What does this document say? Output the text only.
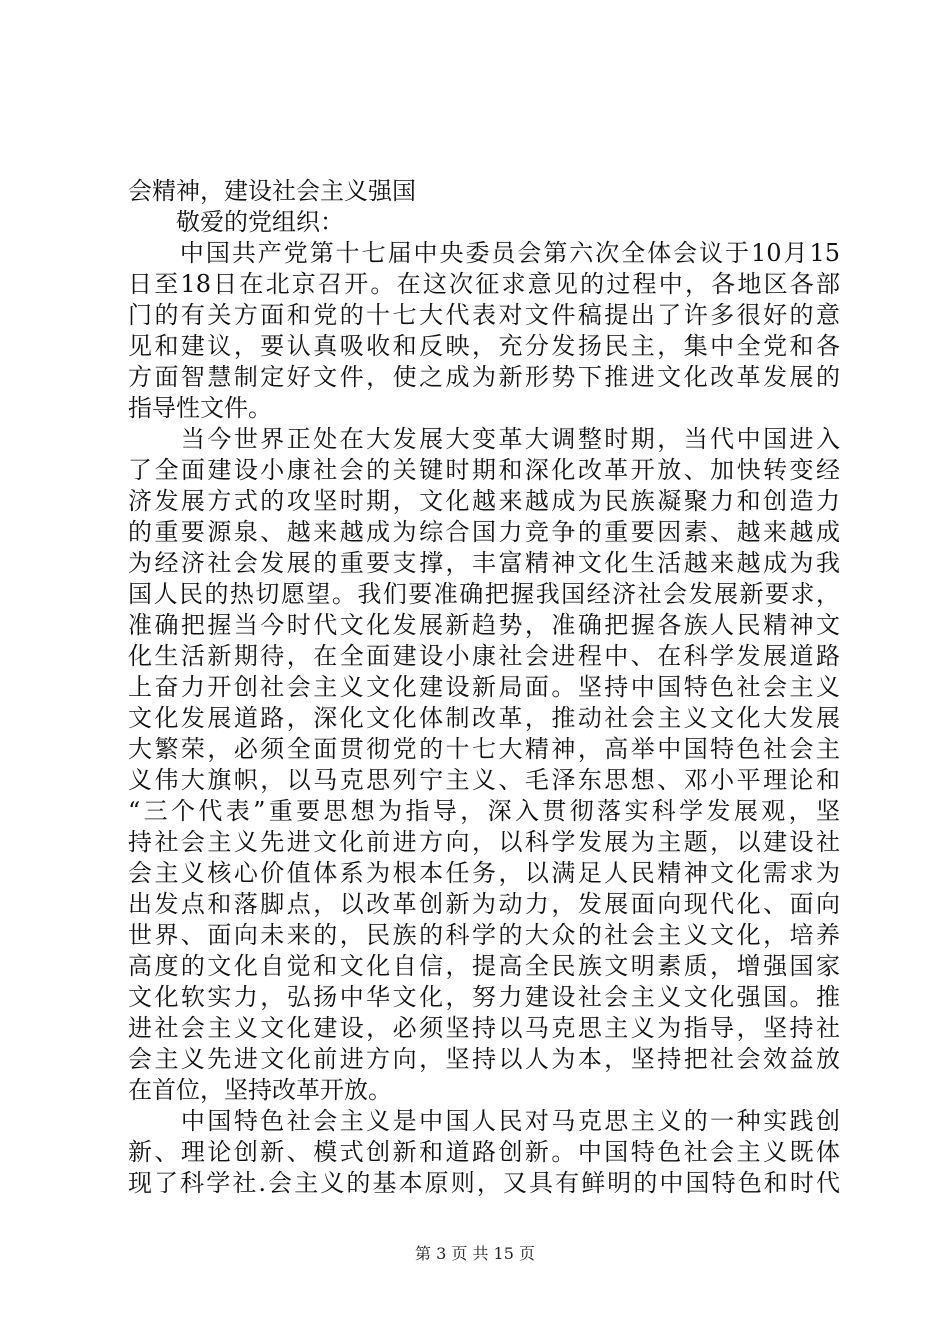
会精神，建设社会主义强国
　　敬爱的党组织：
　　中国共产党第十七届中央委员会第六次全体会议于10月15
日至18日在北京召开。在这次征求意见的过程中，各地区各部
门的有关方面和党的十七大代表对文件稿提出了许多很好的意
见和建议，要认真吸收和反映，充分发扬民主，集中全党和各
方面智慧制定好文件，使之成为新形势下推进文化改革发展的
指导性文件。
　　当今世界正处在大发展大变革大调整时期，当代中国进入
了全面建设小康社会的关键时期和深化改革开放、加快转变经
济发展方式的攻坚时期，文化越来越成为民族凝聚力和创造力
的重要源泉、越来越成为综合国力竞争的重要因素、越来越成
为经济社会发展的重要支撑，丰富精神文化生活越来越成为我
国人民的热切愿望。我们要准确把握我国经济社会发展新要求，
准确把握当今时代文化发展新趋势，准确把握各族人民精神文
化生活新期待，在全面建设小康社会进程中、在科学发展道路
上奋力开创社会主义文化建设新局面。坚持中国特色社会主义
文化发展道路，深化文化体制改革，推动社会主义文化大发展
大繁荣，必须全面贯彻党的十七大精神，高举中国特色社会主
义伟大旗帜，以马克思列宁主义、毛泽东思想、邓小平理论和
“三个代表”重要思想为指导，深入贯彻落实科学发展观，坚
持社会主义先进文化前进方向，以科学发展为主题，以建设社
会主义核心价值体系为根本任务，以满足人民精神文化需求为
出发点和落脚点，以改革创新为动力，发展面向现代化、面向
世界、面向未来的，民族的科学的大众的社会主义文化，培养
高度的文化自觉和文化自信，提高全民族文明素质，增强国家
文化软实力，弘扬中华文化，努力建设社会主义文化强国。推
进社会主义文化建设，必须坚持以马克思主义为指导，坚持社
会主义先进文化前进方向，坚持以人为本，坚持把社会效益放
在首位，坚持改革开放。
　　中国特色社会主义是中国人民对马克思主义的一种实践创
新、理论创新、模式创新和道路创新。中国特色社会主义既体
现了科学社.会主义的基本原则，又具有鲜明的中国特色和时代
第 3 页 共 15 页
